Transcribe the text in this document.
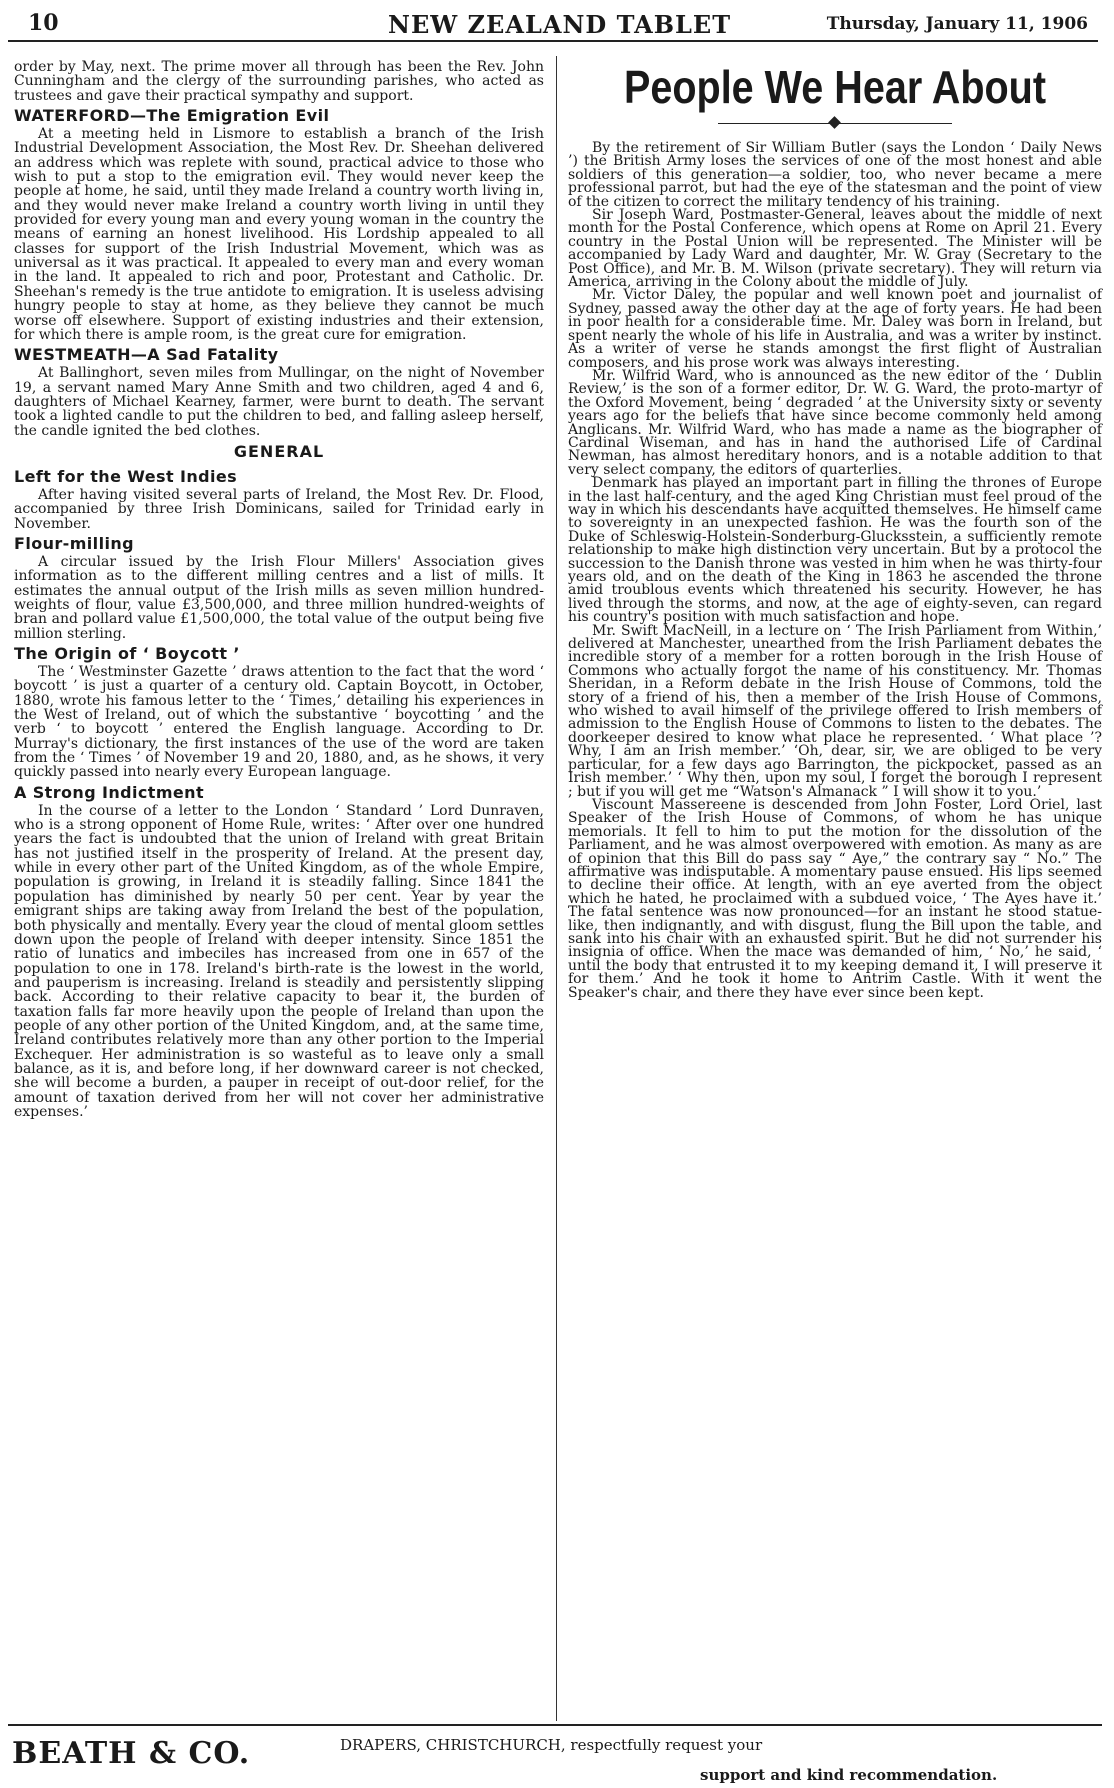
10	NEW ZEALAND TABLET	Thursday, January 11, 1906

order by May, next. The prime mover all through has been the Rev. John Cunningham and the clergy of the surrounding parishes, who acted as trustees and gave their practical sympathy and support.

WATERFORD—The Emigration Evil

At a meeting held in Lismore to establish a branch of the Irish Industrial Development Association, the Most Rev. Dr. Sheehan delivered an address which was replete with sound, practical advice to those who wish to put a stop to the emigration evil. They would never keep the people at home, he said, until they made Ireland a country worth living in, and they would never make Ireland a country worth living in until they provided for every young man and every young woman in the country the means of earning an honest livelihood. His Lordship appealed to all classes for support of the Irish Industrial Movement, which was as universal as it was practical. It appealed to every man and every woman in the land. It appealed to rich and poor, Protestant and Catholic. Dr. Sheehan's remedy is the true antidote to emigration. It is useless advising hungry people to stay at home, as they believe they cannot be much worse off elsewhere. Support of existing industries and their extension, for which there is ample room, is the great cure for emigration.

WESTMEATH—A Sad Fatality

At Ballinghort, seven miles from Mullingar, on the night of November 19, a servant named Mary Anne Smith and two children, aged 4 and 6, daughters of Michael Kearney, farmer, were burnt to death. The servant took a lighted candle to put the children to bed, and falling asleep herself, the candle ignited the bed clothes.

GENERAL
Left for the West Indies

After having visited several parts of Ireland, the Most Rev. Dr. Flood, accompanied by three Irish Dominicans, sailed for Trinidad early in November.

Flour-milling

A circular issued by the Irish Flour Millers' Association gives information as to the different milling centres and a list of mills. It estimates the annual output of the Irish mills as seven million hundred-weights of flour, value £3,500,000, and three million hundred-weights of bran and pollard value £1,500,000, the total value of the output being five million sterling.

The Origin of ‘ Boycott ’

The ‘ Westminster Gazette ’ draws attention to the fact that the word ‘ boycott ’ is just a quarter of a century old. Captain Boycott, in October, 1880, wrote his famous letter to the ‘ Times,’ detailing his experiences in the West of Ireland, out of which the substantive ‘ boycotting ’ and the verb ‘ to boycott ’ entered the English language. According to Dr. Murray's dictionary, the first instances of the use of the word are taken from the ‘ Times ’ of November 19 and 20, 1880, and, as he shows, it very quickly passed into nearly every European language.

A Strong Indictment

In the course of a letter to the London ‘ Standard ’ Lord Dunraven, who is a strong opponent of Home Rule, writes: ‘ After over one hundred years the fact is undoubted that the union of Ireland with great Britain has not justified itself in the prosperity of Ireland. At the present day, while in every other part of the United Kingdom, as of the whole Empire, population is growing, in Ireland it is steadily falling. Since 1841 the population has diminished by nearly 50 per cent. Year by year the emigrant ships are taking away from Ireland the best of the population, both physically and mentally. Every year the cloud of mental gloom settles down upon the people of Ireland with deeper intensity. Since 1851 the ratio of lunatics and imbeciles has increased from one in 657 of the population to one in 178. Ireland's birth-rate is the lowest in the world, and pauperism is increasing. Ireland is steadily and persistently slipping back. According to their relative capacity to bear it, the burden of taxation falls far more heavily upon the people of Ireland than upon the people of any other portion of the United Kingdom, and, at the same time, Ireland contributes relatively more than any other portion to the Imperial Exchequer. Her administration is so wasteful as to leave only a small balance, as it is, and before long, if her downward career is not checked, she will become a burden, a pauper in receipt of out-door relief, for the amount of taxation derived from her will not cover her administrative expenses.’

People We Hear About

By the retirement of Sir William Butler (says the London ‘ Daily News ’) the British Army loses the services of one of the most honest and able soldiers of this generation—a soldier, too, who never became a mere professional parrot, but had the eye of the statesman and the point of view of the citizen to correct the military tendency of his training.

Sir Joseph Ward, Postmaster-General, leaves about the middle of next month for the Postal Conference, which opens at Rome on April 21. Every country in the Postal Union will be represented. The Minister will be accompanied by Lady Ward and daughter, Mr. W. Gray (Secretary to the Post Office), and Mr. B. M. Wilson (private secretary). They will return via America, arriving in the Colony about the middle of July.

Mr. Victor Daley, the popular and well known poet and journalist of Sydney, passed away the other day at the age of forty years. He had been in poor health for a considerable time. Mr. Daley was born in Ireland, but spent nearly the whole of his life in Australia, and was a writer by instinct. As a writer of verse he stands amongst the first flight of Australian composers, and his prose work was always interesting.

Mr. Wilfrid Ward, who is announced as the new editor of the ‘ Dublin Review,’ is the son of a former editor, Dr. W. G. Ward, the proto-martyr of the Oxford Movement, being ‘ degraded ’ at the University sixty or seventy years ago for the beliefs that have since become commonly held among Anglicans. Mr. Wilfrid Ward, who has made a name as the biographer of Cardinal Wiseman, and has in hand the authorised Life of Cardinal Newman, has almost hereditary honors, and is a notable addition to that very select company, the editors of quarterlies.

Denmark has played an important part in filling the thrones of Europe in the last half-century, and the aged King Christian must feel proud of the way in which his descendants have acquitted themselves. He himself came to sovereignty in an unexpected fashion. He was the fourth son of the Duke of Schleswig-Holstein-Sonderburg-Glucksstein, a sufficiently remote relationship to make high distinction very uncertain. But by a protocol the succession to the Danish throne was vested in him when he was thirty-four years old, and on the death of the King in 1863 he ascended the throne amid troublous events which threatened his security. However, he has lived through the storms, and now, at the age of eighty-seven, can regard his country's position with much satisfaction and hope.

Mr. Swift MacNeill, in a lecture on ‘ The Irish Parliament from Within,’ delivered at Manchester, unearthed from the Irish Parliament debates the incredible story of a member for a rotten borough in the Irish House of Commons who actually forgot the name of his constituency. Mr. Thomas Sheridan, in a Reform debate in the Irish House of Commons, told the story of a friend of his, then a member of the Irish House of Commons, who wished to avail himself of the privilege offered to Irish members of admission to the English House of Commons to listen to the debates. The doorkeeper desired to know what place he represented. ‘ What place ’? Why, I am an Irish member.’ ‘Oh, dear, sir, we are obliged to be very particular, for a few days ago Barrington, the pickpocket, passed as an Irish member.’ ‘ Why then, upon my soul, I forget the borough I represent ; but if you will get me “Watson's Almanack ” I will show it to you.’

Viscount Massereene is descended from John Foster, Lord Oriel, last Speaker of the Irish House of Commons, of whom he has unique memorials. It fell to him to put the motion for the dissolution of the Parliament, and he was almost overpowered with emotion. As many as are of opinion that this Bill do pass say “ Aye,” the contrary say “ No.” The affirmative was indisputable. A momentary pause ensued. His lips seemed to decline their office. At length, with an eye averted from the object which he hated, he proclaimed with a subdued voice, ‘ The Ayes have it.’ The fatal sentence was now pronounced—for an instant he stood statue-like, then indignantly, and with disgust, flung the Bill upon the table, and sank into his chair with an exhausted spirit. But he did not surrender his insignia of office. When the mace was demanded of him, ‘ No,’ he said, ‘ until the body that entrusted it to my keeping demand it, I will preserve it for them.’ And he took it home to Antrim Castle. With it went the Speaker's chair, and there they have ever since been kept.

BEATH & CO.	DRAPERS, CHRISTCHURCH, respectfully request your
support and kind recommendation.
